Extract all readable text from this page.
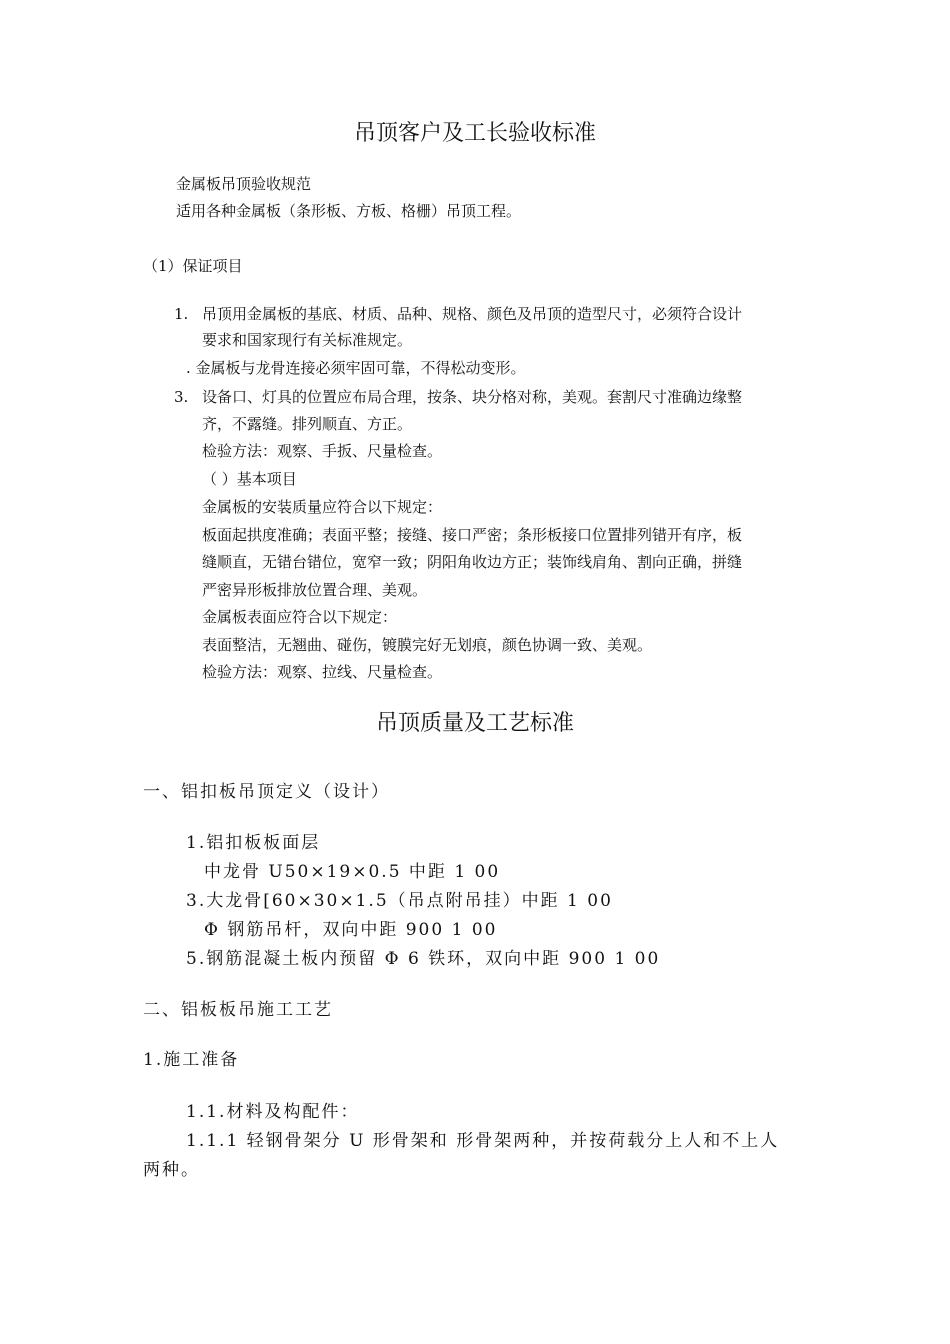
吊顶客户及工长验收标准
金属板吊顶验收规范
适用各种金属板（条形板、方板、格栅）吊顶工程。
（1）保证项目
1. 吊顶用金属板的基底、材质、品种、规格、颜色及吊顶的造型尺寸，必须符合设计
要求和国家现行有关标准规定。
. 金属板与龙骨连接必须牢固可靠，不得松动变形。
3. 设备口、灯具的位置应布局合理，按条、块分格对称，美观。套割尺寸准确边缘整
齐，不露缝。排列顺直、方正。
检验方法：观察、手扳、尺量检查。
（ ）基本项目
金属板的安装质量应符合以下规定：
板面起拱度准确；表面平整；接缝、接口严密；条形板接口位置排列错开有序，板
缝顺直，无错台错位，宽窄一致；阴阳角收边方正；装饰线肩角、割向正确，拼缝
严密异形板排放位置合理、美观。
金属板表面应符合以下规定：
表面整洁，无翘曲、碰伤，镀膜完好无划痕，颜色协调一致、美观。
检验方法：观察、拉线、尺量检查。
吊顶质量及工艺标准
一、铝扣板吊顶定义（设计）
1.铝扣板板面层
中龙骨 U50×19×0.5 中距 1 00
3.大龙骨[60×30×1.5（吊点附吊挂）中距 1 00
Φ 钢筋吊杆，双向中距 900 1 00
5.钢筋混凝土板内预留 Φ 6 铁环，双向中距 900 1 00
二、铝板板吊施工工艺
1.施工准备
1.1.材料及构配件：
1.1.1 轻钢骨架分 U 形骨架和 形骨架两种，并按荷载分上人和不上人
两种。
